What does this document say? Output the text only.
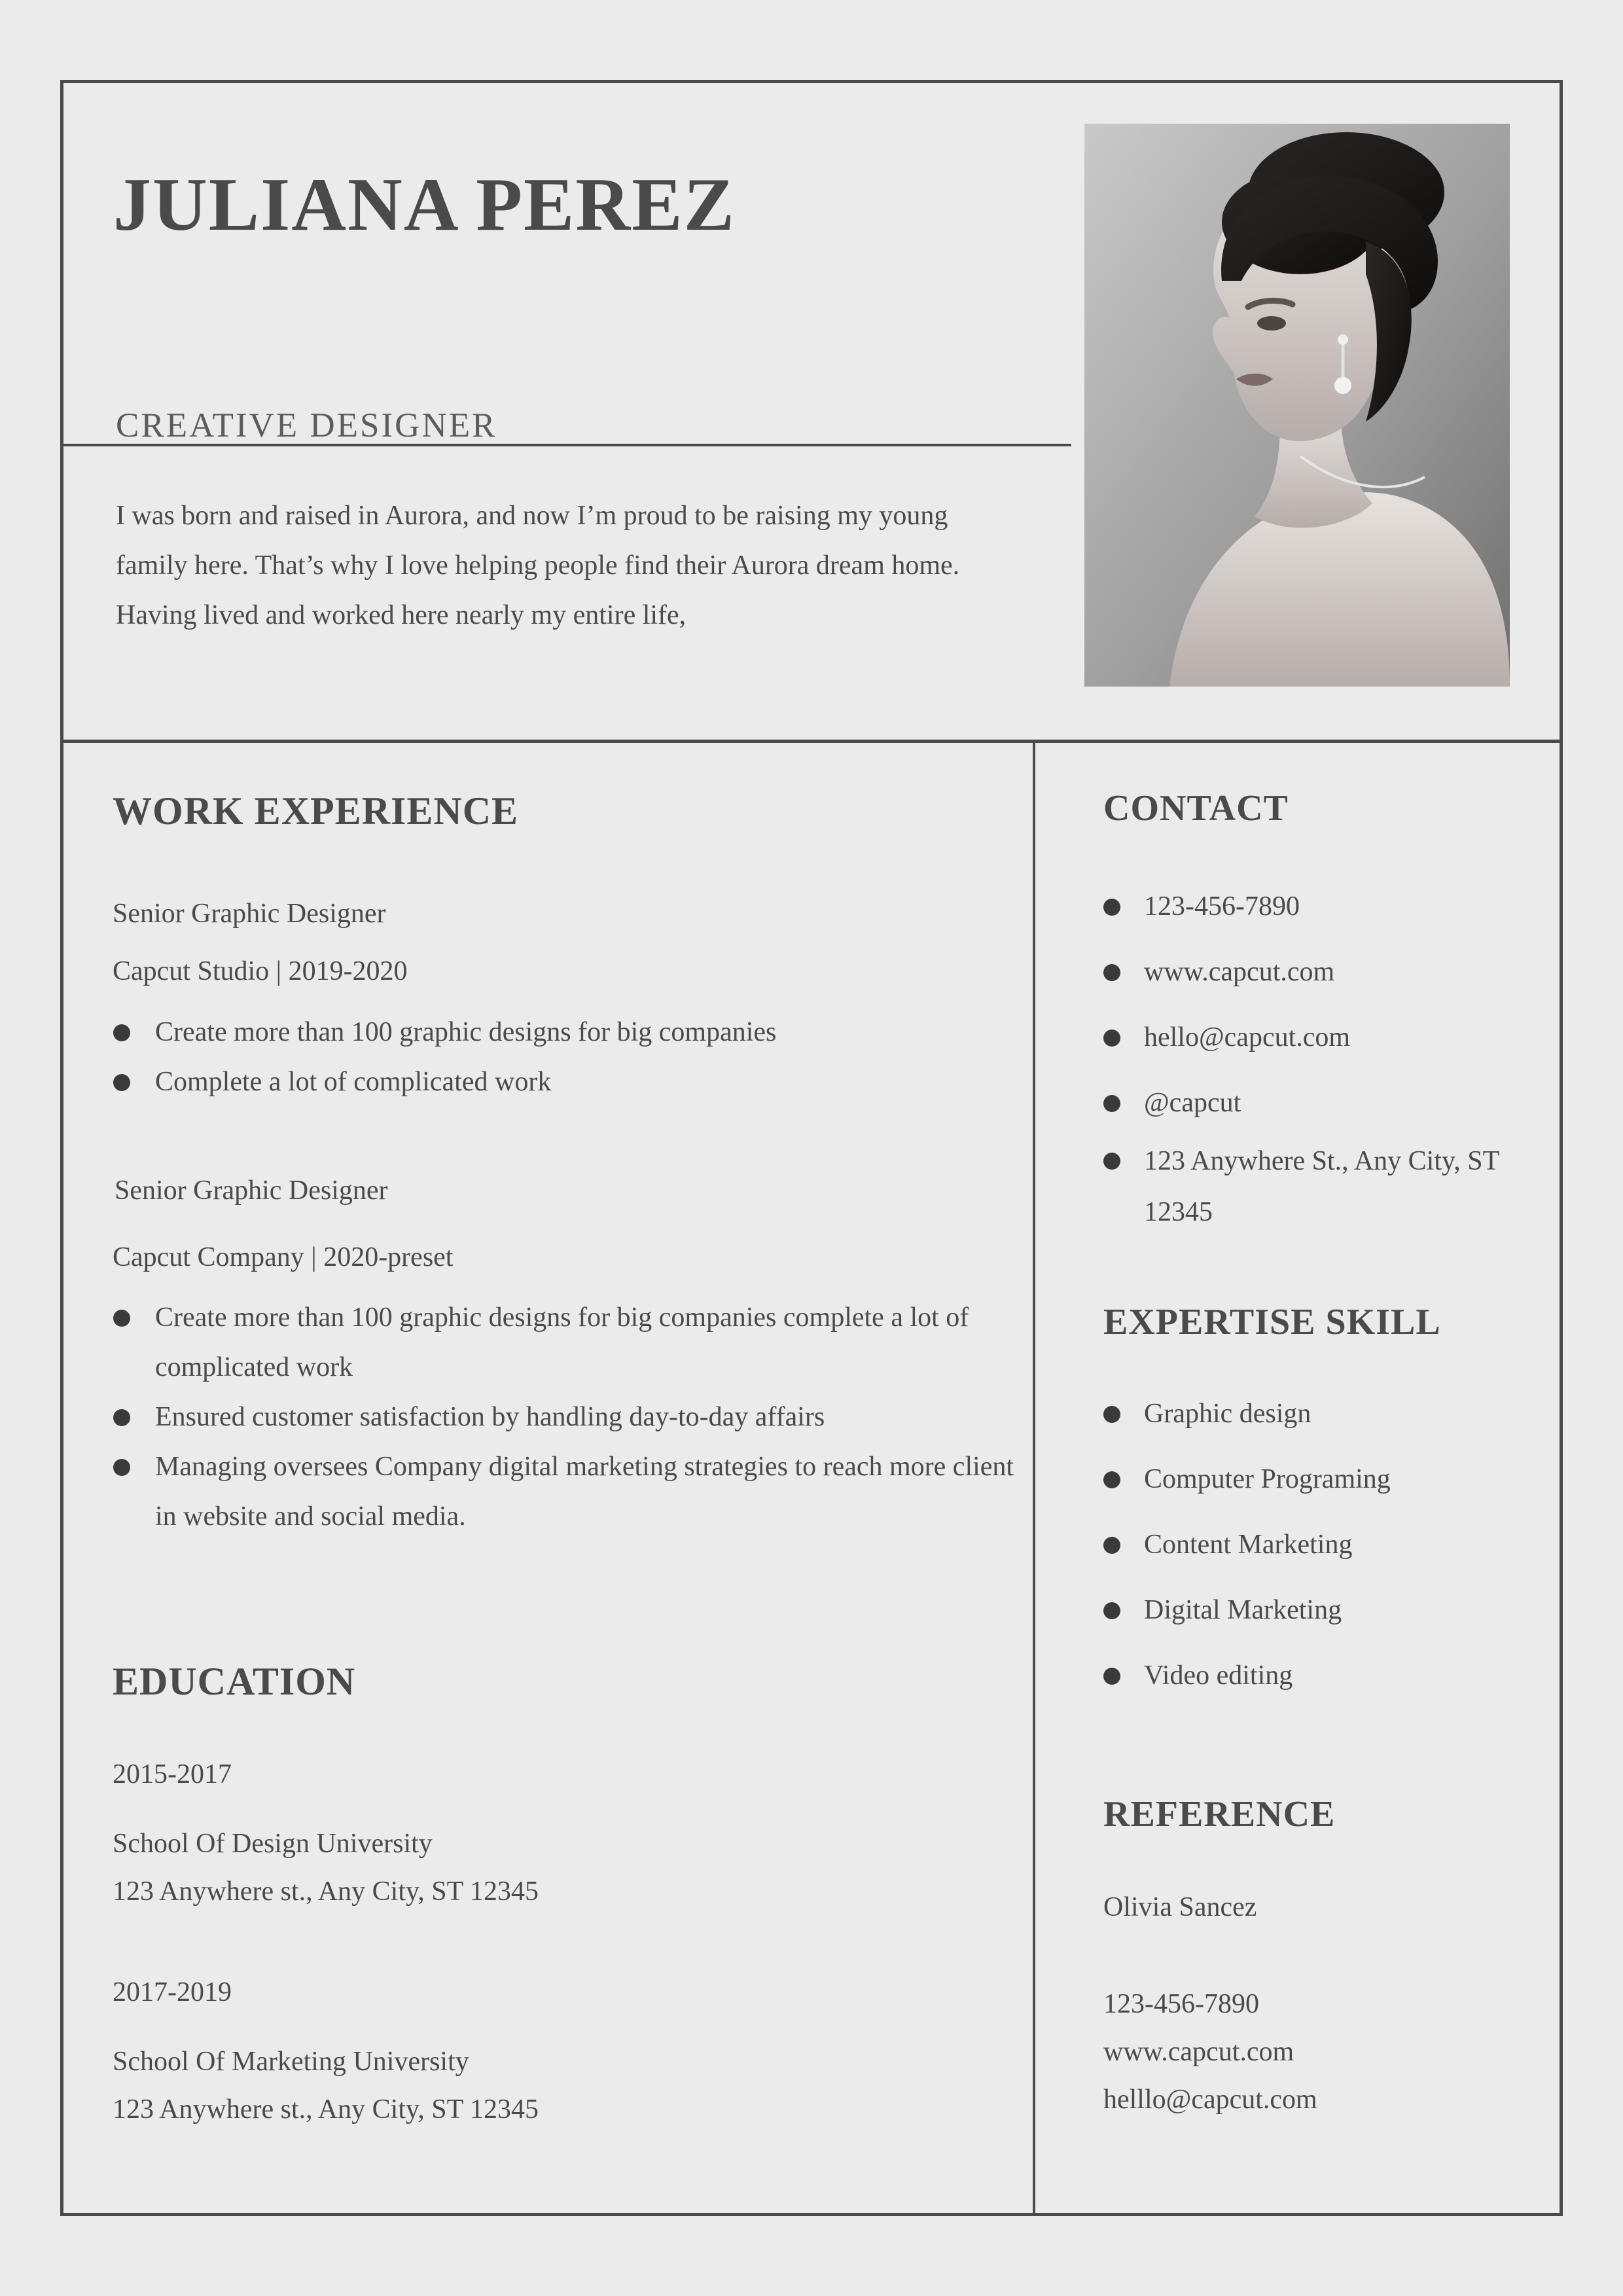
JULIANA PEREZ
CREATIVE DESIGNER
I was born and raised in Aurora, and now I’m proud to be raising my young family here. That’s why I love helping people find their Aurora dream home. Having lived and worked here nearly my entire life,
WORK EXPERIENCE
Senior Graphic Designer
Capcut Studio | 2019-2020
Create more than 100 graphic designs for big companies
Complete a lot of complicated work
Senior Graphic Designer
Capcut Company | 2020-preset
Create more than 100 graphic designs for big companies complete a lot of complicated work
Ensured customer satisfaction by handling day-to-day affairs
Managing oversees Company digital marketing strategies to reach more client in website and social media.
EDUCATION
2015-2017
School Of Design University
123 Anywhere st., Any City, ST 12345
2017-2019
School Of Marketing University
123 Anywhere st., Any City, ST 12345
CONTACT
123-456-7890
www.capcut.com
hello@capcut.com
@capcut
123 Anywhere St., Any City, ST 12345
EXPERTISE SKILL
Graphic design
Computer Programing
Content Marketing
Digital Marketing
Video editing
REFERENCE
Olivia Sancez
123-456-7890
www.capcut.com
helllo@capcut.com
